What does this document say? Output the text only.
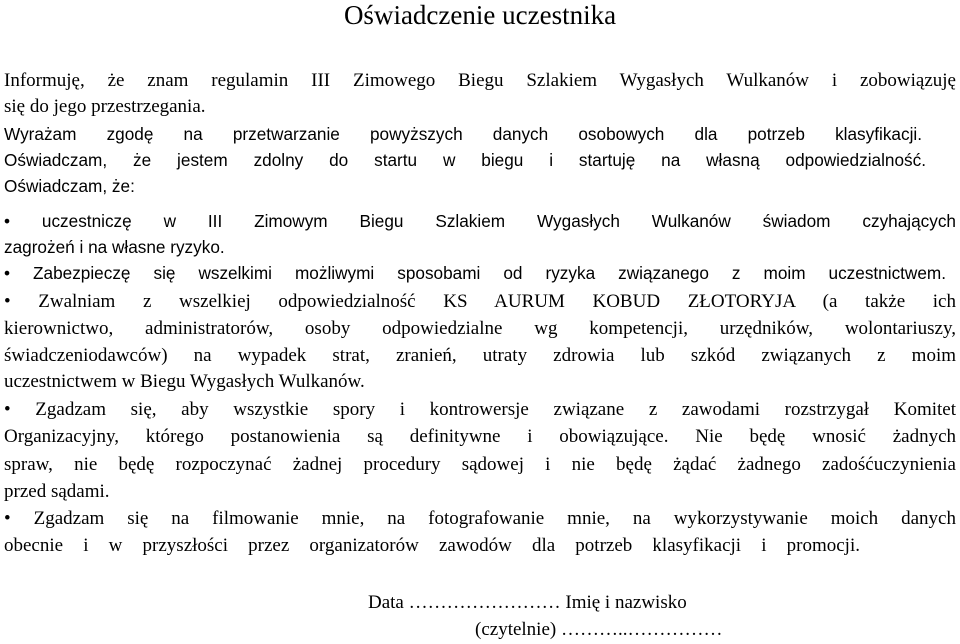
Oświadczenie uczestnika
Informuję, że znam regulamin III Zimowego Biegu Szlakiem Wygasłych Wulkanów i zobowiązuję
się do jego przestrzegania.
Wyrażam zgodę na przetwarzanie powyższych danych osobowych dla potrzeb klasyfikacji.
Oświadczam, że jestem zdolny do startu w biegu i startuję na własną odpowiedzialność.
Oświadczam, że:
• uczestniczę w III Zimowym Biegu Szlakiem Wygasłych Wulkanów świadom czyhających
zagrożeń i na własne ryzyko.
• Zabezpieczę się wszelkimi możliwymi sposobami od ryzyka związanego z moim uczestnictwem.
• Zwalniam z wszelkiej odpowiedzialność KS AURUM KOBUD ZŁOTORYJA (a także ich
kierownictwo, administratorów, osoby odpowiedzialne wg kompetencji, urzędników, wolontariuszy,
świadczeniodawców) na wypadek strat, zranień, utraty zdrowia lub szkód związanych z moim
uczestnictwem w Biegu Wygasłych Wulkanów.
• Zgadzam się, aby wszystkie spory i kontrowersje związane z zawodami rozstrzygał Komitet
Organizacyjny, którego postanowienia są definitywne i obowiązujące. Nie będę wnosić żadnych
spraw, nie będę rozpoczynać żadnej procedury sądowej i nie będę żądać żadnego zadośćuczynienia
przed sądami.
• Zgadzam się na filmowanie mnie, na fotografowanie mnie, na wykorzystywanie moich danych
obecnie i w przyszłości przez organizatorów zawodów dla potrzeb klasyfikacji i promocji.
Data …………………… Imię i nazwisko
(czytelnie) ………..……………
